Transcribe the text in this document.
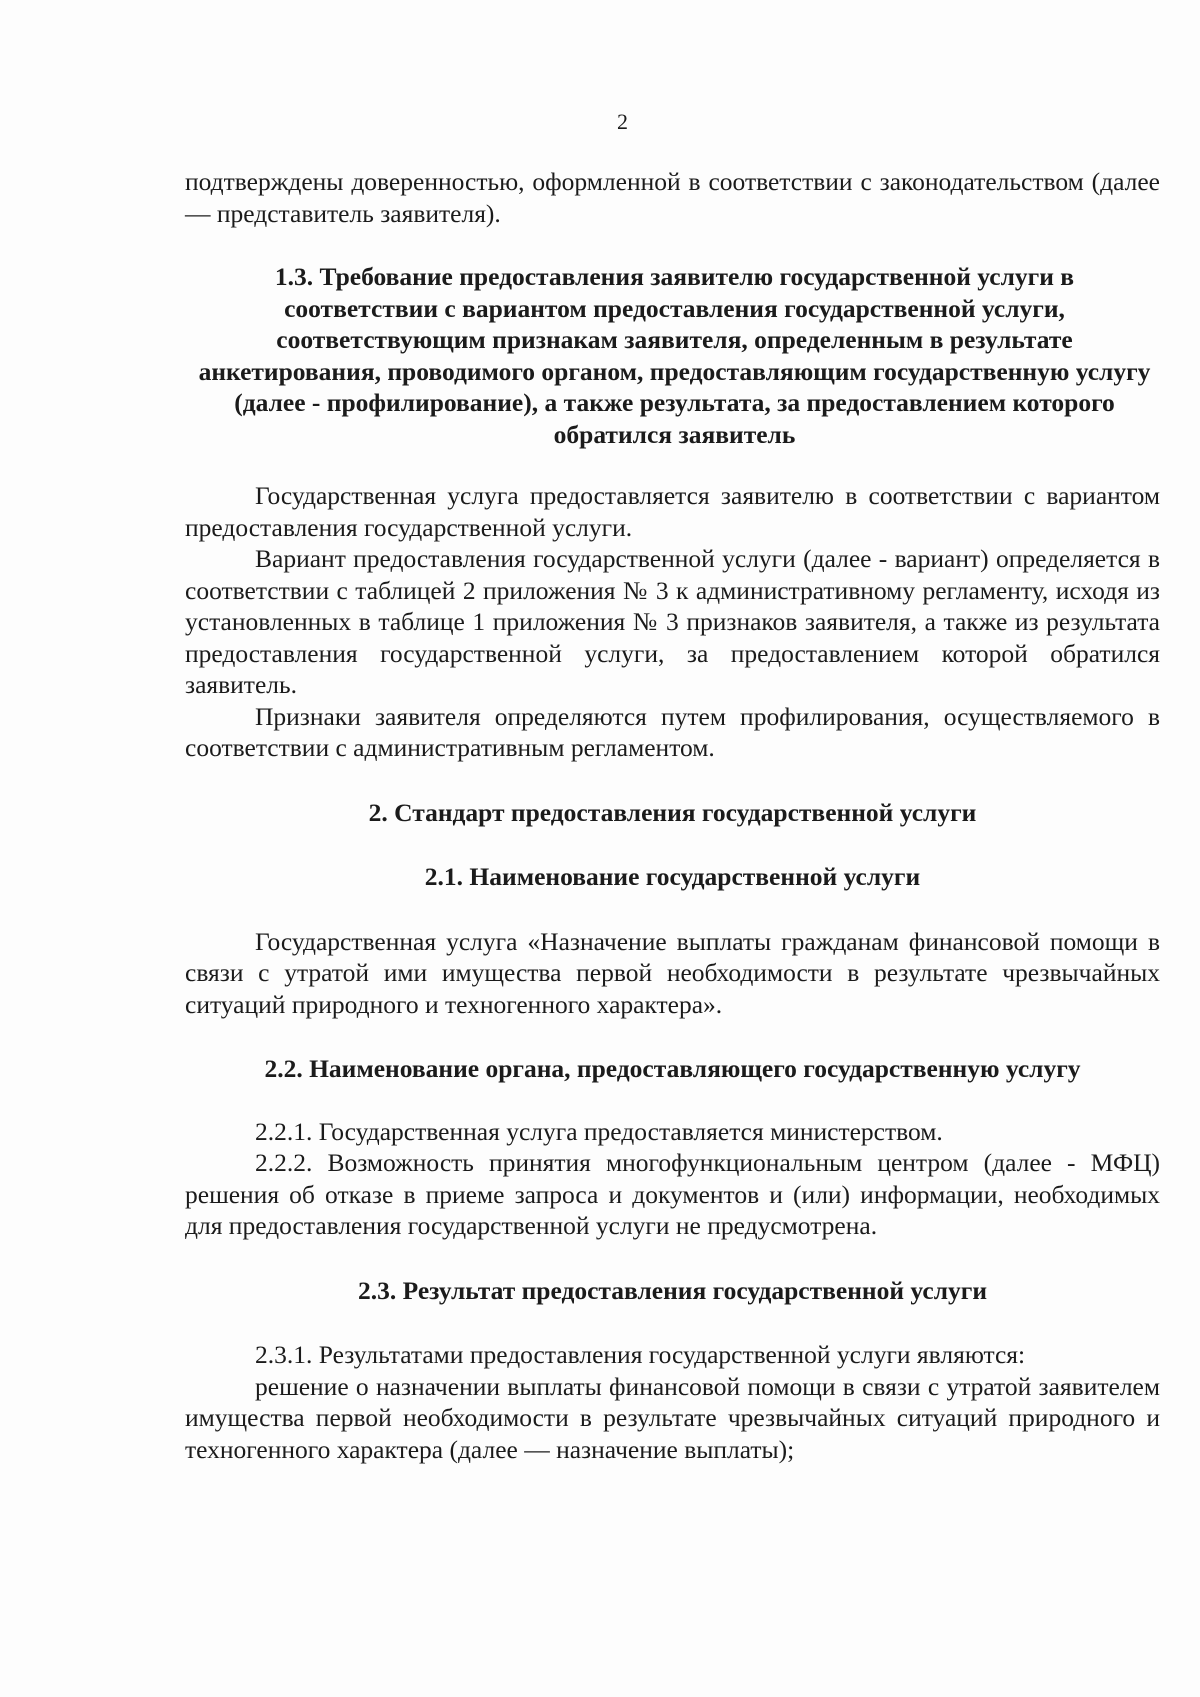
2

подтверждены доверенностью, оформленной в соответствии с законодательством (далее — представитель заявителя).

1.3. Требование предоставления заявителю государственной услуги в соответствии с вариантом предоставления государственной услуги, соответствующим признакам заявителя, определенным в результате анкетирования, проводимого органом, предоставляющим государственную услугу (далее - профилирование), а также результата, за предоставлением которого обратился заявитель

Государственная услуга предоставляется заявителю в соответствии с вариантом предоставления государственной услуги.

Вариант предоставления государственной услуги (далее - вариант) определяется в соответствии с таблицей 2 приложения № 3 к административному регламенту, исходя из установленных в таблице 1 приложения № 3 признаков заявителя, а также из результата предоставления государственной услуги, за предоставлением которой обратился заявитель.

Признаки заявителя определяются путем профилирования, осуществляемого в соответствии с административным регламентом.

2. Стандарт предоставления государственной услуги
2.1. Наименование государственной услуги

Государственная услуга «Назначение выплаты гражданам финансовой помощи в связи с утратой ими имущества первой необходимости в результате чрезвычайных ситуаций природного и техногенного характера».

2.2. Наименование органа, предоставляющего государственную услугу

2.2.1. Государственная услуга предоставляется министерством.

2.2.2. Возможность принятия многофункциональным центром (далее - МФЦ) решения об отказе в приеме запроса и документов и (или) информации, необходимых для предоставления государственной услуги не предусмотрена.

2.3. Результат предоставления государственной услуги

2.3.1. Результатами предоставления государственной услуги являются:

решение о назначении выплаты финансовой помощи в связи с утратой заявителем имущества первой необходимости в результате чрезвычайных ситуаций природного и техногенного характера (далее — назначение выплаты);
